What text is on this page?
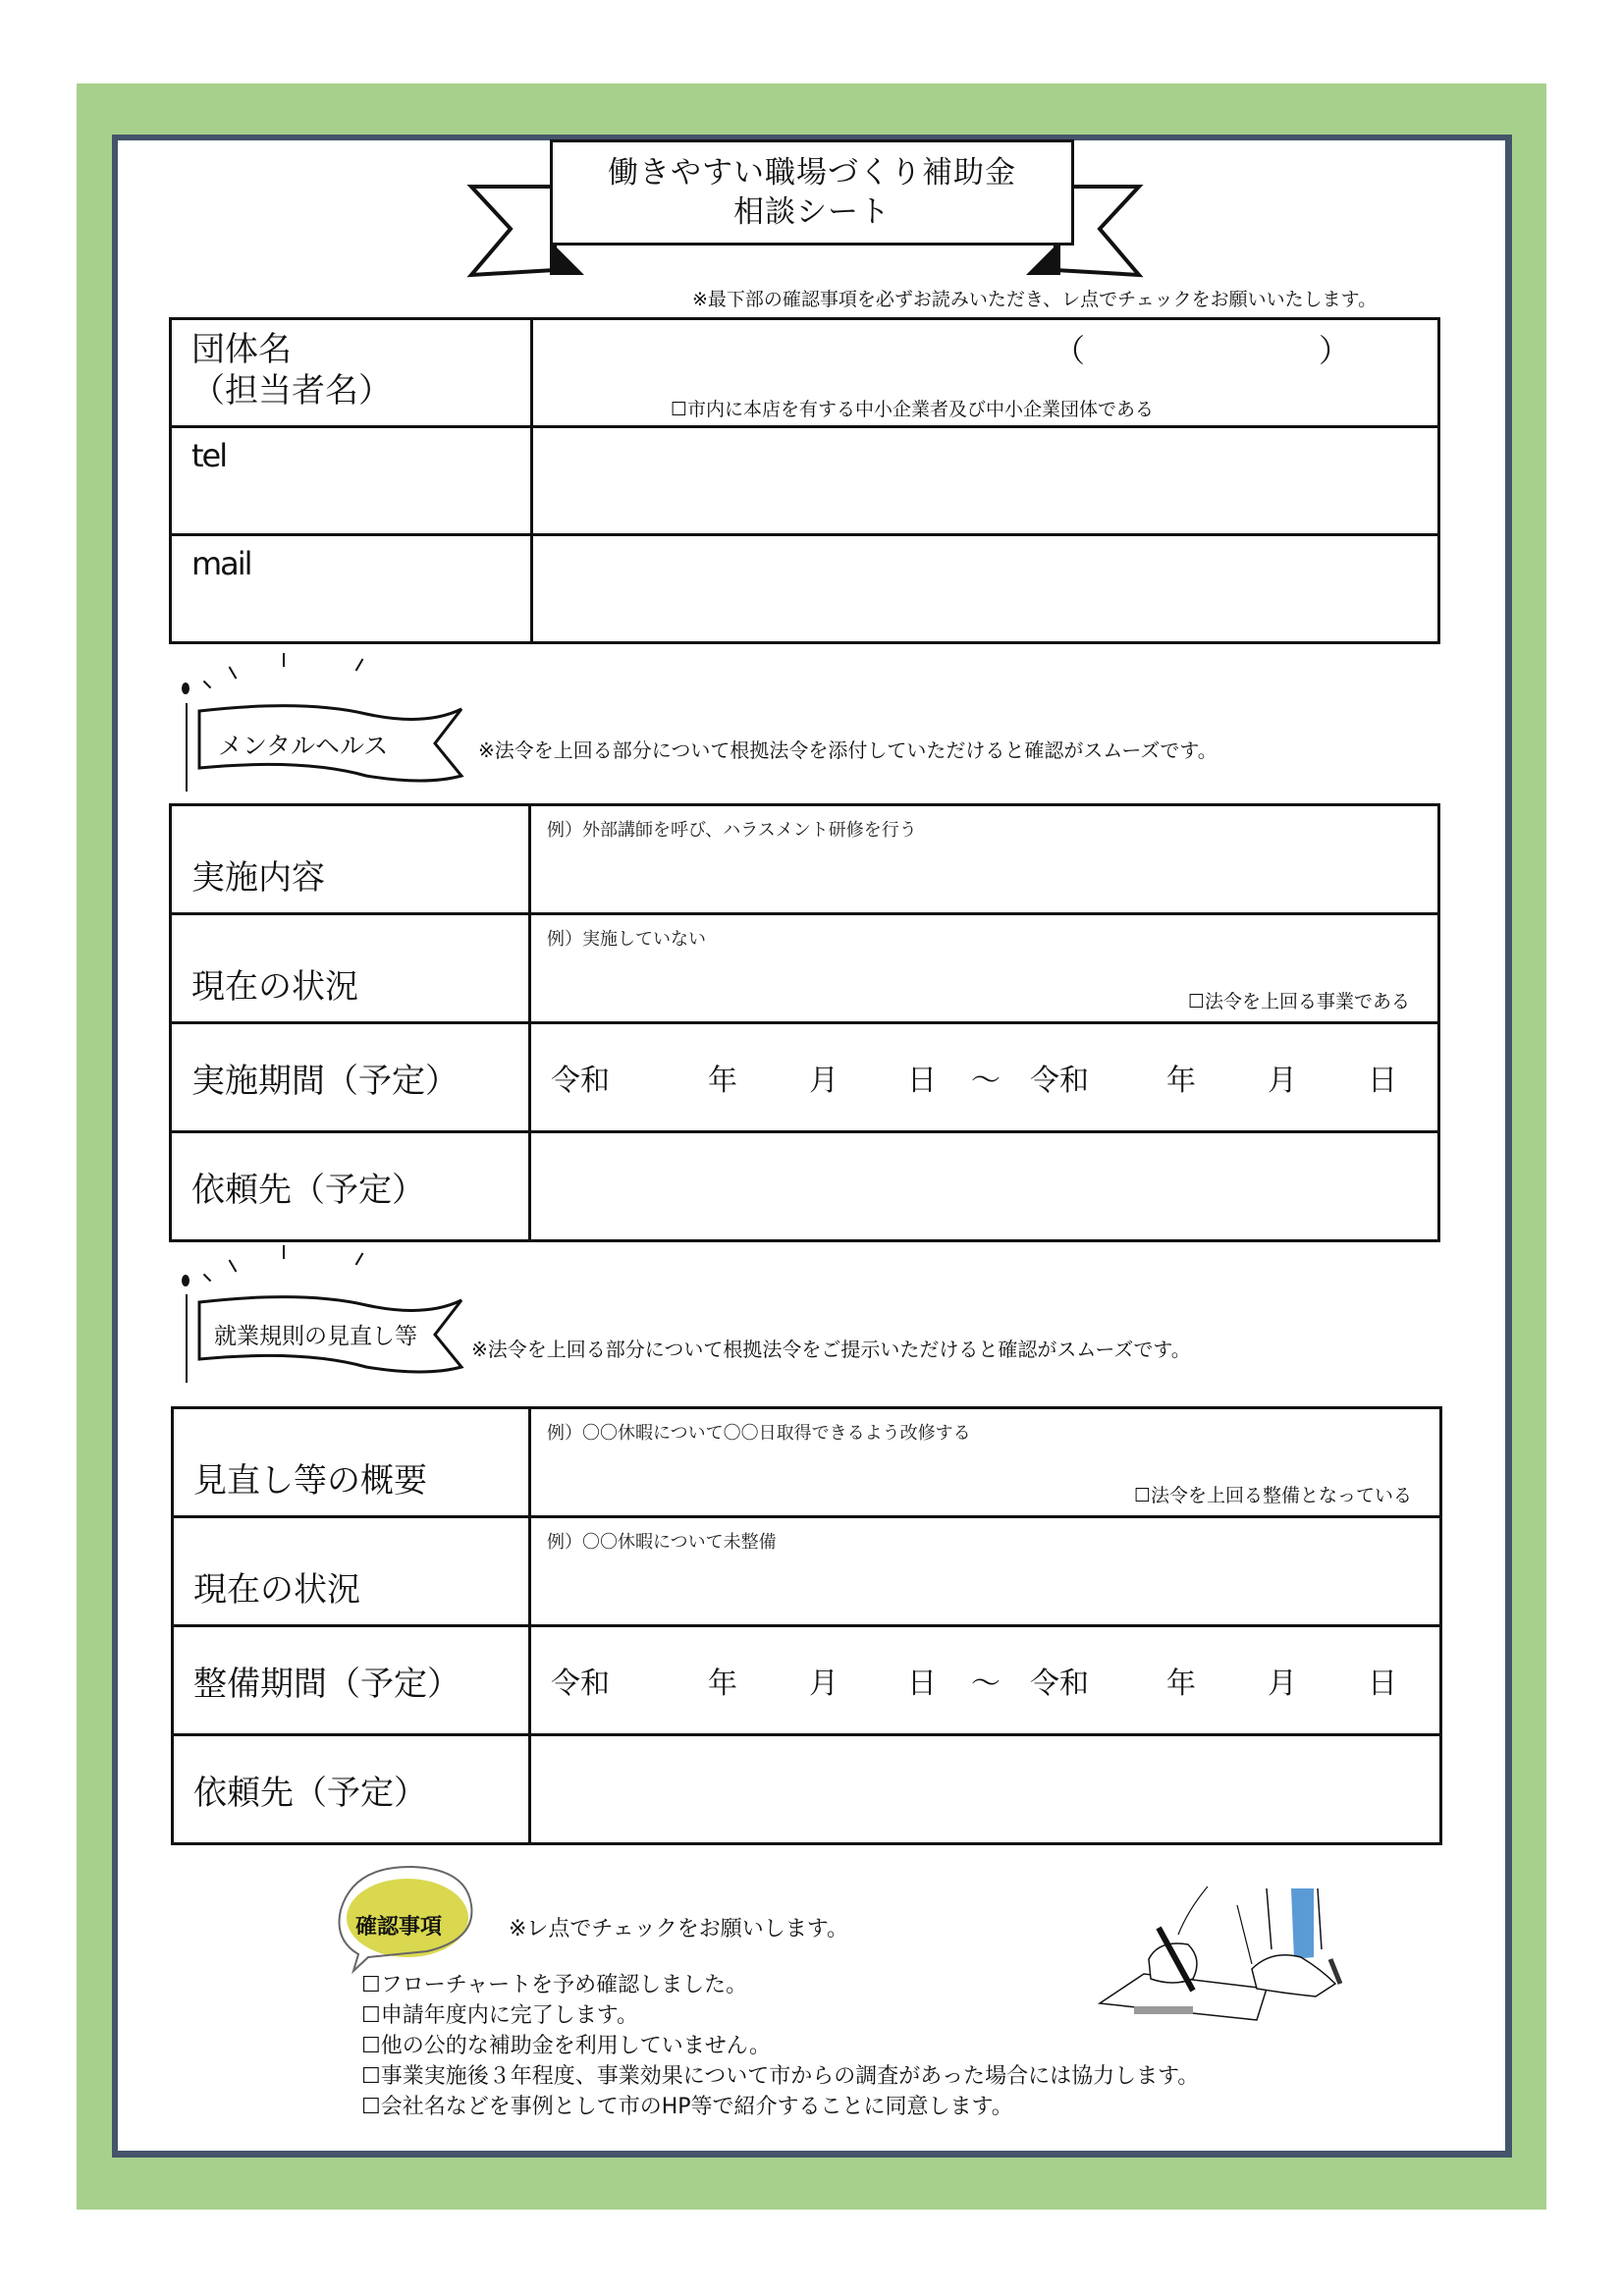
働きやすい職場づくり補助金
相談シート
※最下部の確認事項を必ずお読みいただき、レ点でチェックをお願いいたします。
団体名
（担当者名）

（	）
☐市内に本店を有する中小企業者及び中小企業団体である

tel	
mail	
メンタルヘルス	※法令を上回る部分について根拠法令を添付していただけると確認がスムーズです。
実施内容	例）外部講師を呼び、ハラスメント研修を行う

現在の状況	例）実施していない
☐法令を上回る事業である

実施期間（予定）	令和	年 月 日 ～ 令和	年 月 日

依頼先（予定）	
就業規則の見直し等	※法令を上回る部分について根拠法令をご提示いただけると確認がスムーズです。
見直し等の概要	例）〇〇休暇について〇〇日取得できるよう改修する
☐法令を上回る整備となっている

現在の状況	例）〇〇休暇について未整備

整備期間（予定）	令和	年 月 日 ～ 令和	年 月 日

依頼先（予定）	
確認事項	※レ点でチェックをお願いします。
☐フローチャートを予め確認しました。
☐申請年度内に完了します。
☐他の公的な補助金を利用していません。
☐事業実施後３年程度、事業効果について市からの調査があった場合には協力します。
☐会社名などを事例として市のHP等で紹介することに同意します。
